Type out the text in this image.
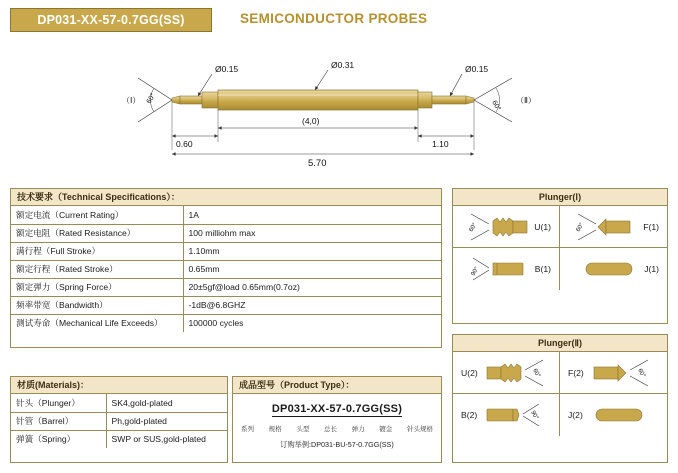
DP031-XX-57-0.7GG(SS)	SEMICONDUCTOR PROBES
Ø0.15	Ø0.31	Ø0.15
60°
（Ⅰ）	60° （Ⅱ）
0.60
(4,0)
1.10
5.70
技术要求（Technical Specifications）：
额定电流（Current Rating）	1A
额定电阻（Rated Resistance）	100 milliohm max
满行程（Full Stroke）	1.10mm
额定行程（Rated Stroke）	0.65mm
额定弹力（Spring Force）	20±5gf@load 0.65mm(0.7oz)
频率带宽（Bandwidth）	-1dB@6.8GHZ
测试寿命（Mechanical Life Exceeds）	100000 cycles
材质(Materials)：
针头（Plunger）	SK4,gold-plated
针管（Barrel）	Ph,gold-plated
弹簧（Spring）	SWP or SUS,gold-plated
成品型号（Product Type）：
DP031-XX-57-0.7GG(SS)
系列 规格 头型 总长 弹力 镀金 针头规格
订购举例:DP031-BU-57-0.7GG(SS)
Plunger(Ⅰ)
60°	U(1)	60°	F(1)
90°	B(1)	J(1)
Plunger(Ⅱ)
U(2)	60°	F(2)	60°
B(2)	90°	J(2)
